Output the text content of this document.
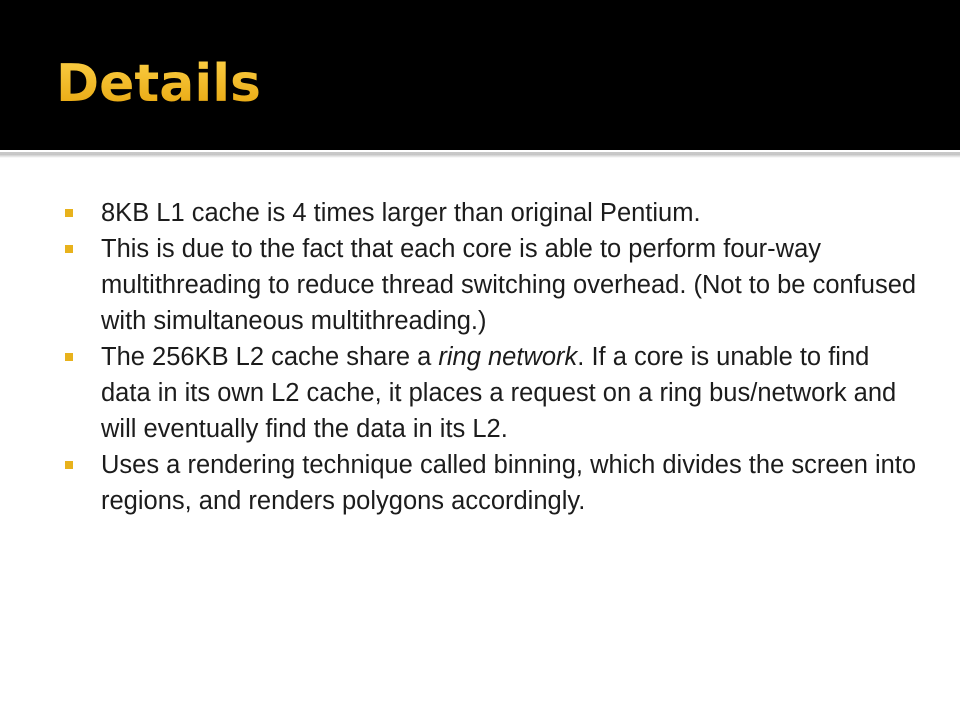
Details
8KB L1 cache is 4 times larger than original Pentium.
This is due to the fact that each core is able to perform four-way multithreading to reduce thread switching overhead. (Not to be confused with simultaneous multithreading.)
The 256KB L2 cache share a ring network. If a core is unable to find data in its own L2 cache, it places a request on a ring bus/network and will eventually find the data in its L2.
Uses a rendering technique called binning, which divides the screen into regions, and renders polygons accordingly.
